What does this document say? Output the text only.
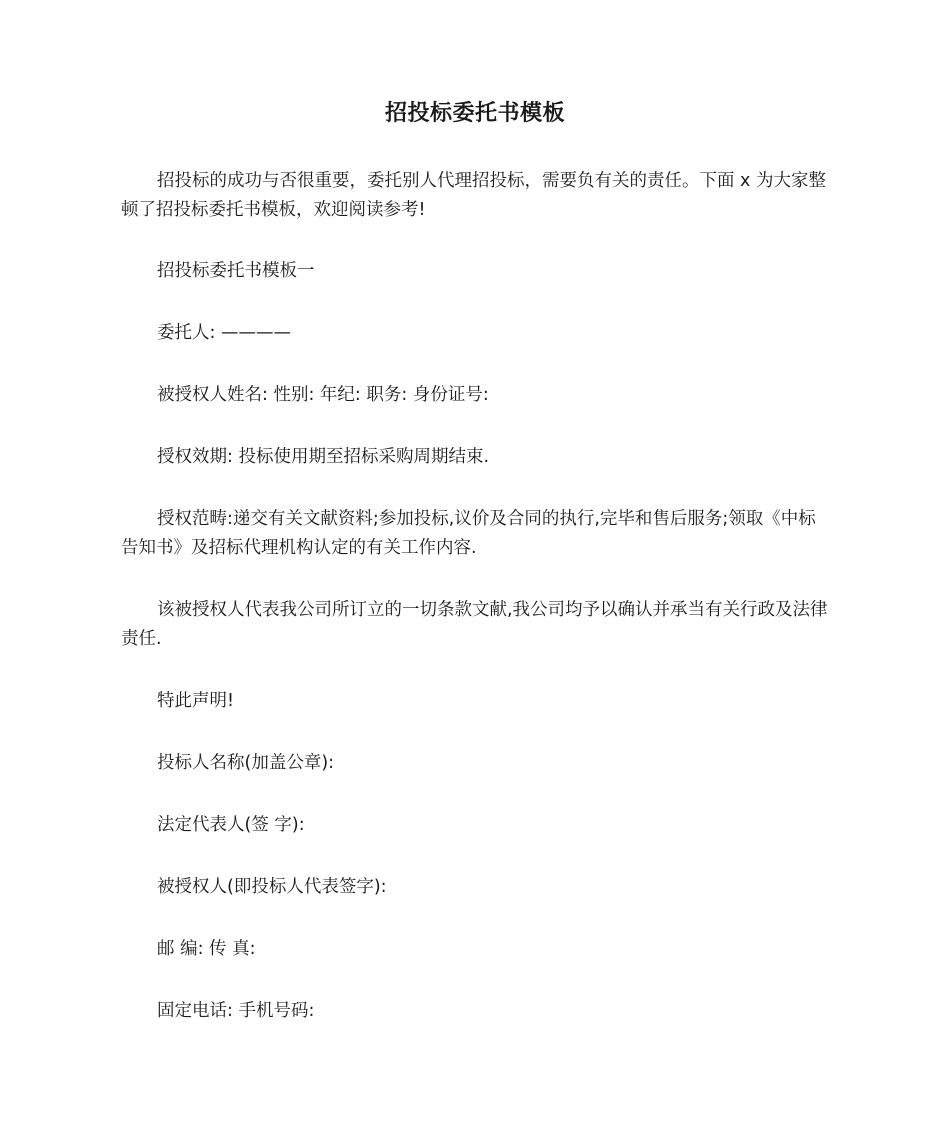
招投标委托书模板
招投标的成功与否很重要，委托别人代理招投标，需要负有关的责任。下面 x 为大家整顿了招投标委托书模板，欢迎阅读参考!
招投标委托书模板一
委托人: ————
被授权人姓名: 性别: 年纪: 职务: 身份证号:
授权效期: 投标使用期至招标采购周期结束.
授权范畴:递交有关文献资料;参加投标,议价及合同的执行,完毕和售后服务;领取《中标告知书》及招标代理机构认定的有关工作内容.
该被授权人代表我公司所订立的一切条款文献,我公司均予以确认并承当有关行政及法律责任.
特此声明!
投标人名称(加盖公章):
法定代表人(签 字):
被授权人(即投标人代表签字):
邮 编: 传 真:
固定电话: 手机号码:
